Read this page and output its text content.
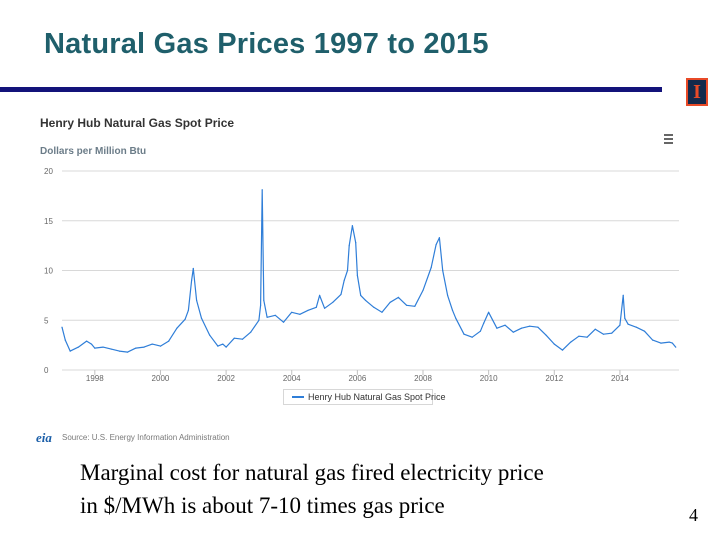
Natural Gas Prices 1997 to 2015
I
Henry Hub Natural Gas Spot Price
Dollars per Million Btu
0
5
10
15
20
1998	2000	2002	2004	2006	2008	2010	2012	2014
Henry Hub Natural Gas Spot Price
eia Source: U.S. Energy Information Administration
Marginal cost for natural gas fired electricity price
in $/MWh is about 7-10 times gas price	4
